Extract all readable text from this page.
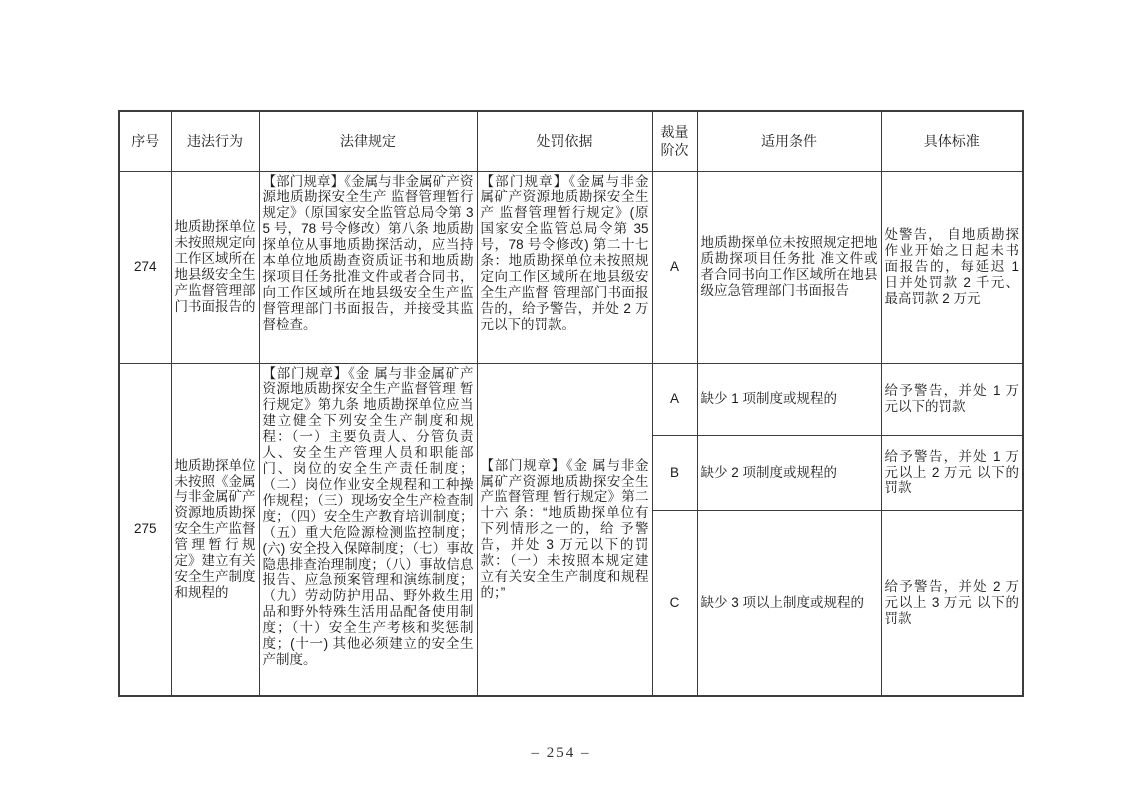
序号	违法行为	法律规定	处罚依据	裁量阶次	适用条件	具体标准
274	地质勘探单位未按照规定向工作区域所在地县级安全生产监督管理部门书面报告的	【部门规章】《金属与非金属矿产资源地质勘探安全生产 监督管理暂行规定》（原国家安全监管总局令第 35 号，78 号令修改）第八条 地质勘探单位从事地质勘探活动，应当持本单位地质勘查资质证书和地质勘探项目任务批准文件或者合同书，向工作区域所在地县级安全生产监督管理部门书面报告，并接受其监督检查。	【部门规章】《金属与非金属矿产资源地质勘探安全生产 监督管理暂行规定》(原国家安全监管总局令第 35 号，78 号令修改) 第二十七条：地质勘探单位未按照规定向工作区域所在地县级安全生产监督 管理部门书面报告的，给予警告，并处 2 万元以下的罚款。	A	地质勘探单位未按照规定把地质勘探项目任务批 准文件或者合同书向工作区域所在地县级应急管理部门书面报告	处警告， 自地质勘探作业开始之日起未书面报告的，每延迟 1 日并处罚款 2 千元、最高罚款 2 万元
275	地质勘探单位未按照《金属与非金属矿产资源地质勘探安全生产监督管理暂行规定》建立有关安全生产制度和规程的	【部门规章】《金 属与非金属矿产资源地质勘探安全生产监督管理 暂行规定》第九条 地质勘探单位应当建立健全下列安全生产制度和规程：（一）主要负责人、分管负责人、安全生产管理人员和职能部门、岗位的安全生产责任制度；（二）岗位作业安全规程和工种操作规程；（三）现场安全生产检查制度；（四）安全生产教育培训制度；（五）重大危险源检测监控制度；(六) 安全投入保障制度；（七）事故隐患排查治理制度；（八）事故信息报告、应急预案管理和演练制度；（九）劳动防护用品、野外救生用品和野外特殊生活用品配备使用制度；（十）安全生产考核和奖惩制度；(十一) 其他必须建立的安全生产制度。	【部门规章】《金 属与非金属矿产资源地质勘探安全生产监督管理 暂行规定》第二十六 条：“地质勘探单位有下列情形之一的，给 予警告，并处 3 万元以下的罚款：（一）未按照本规定建立有关安全生产制度和规程 的；”	A	缺少 1 项制度或规程的	给予警告，并处 1 万元以下的罚款
				B	缺少 2 项制度或规程的	给予警告，并处 1 万元以上 2 万元 以下的罚款
				C	缺少 3 项以上制度或规程的	给予警告，并处 2 万元以上 3 万元 以下的罚款
– 254 –
